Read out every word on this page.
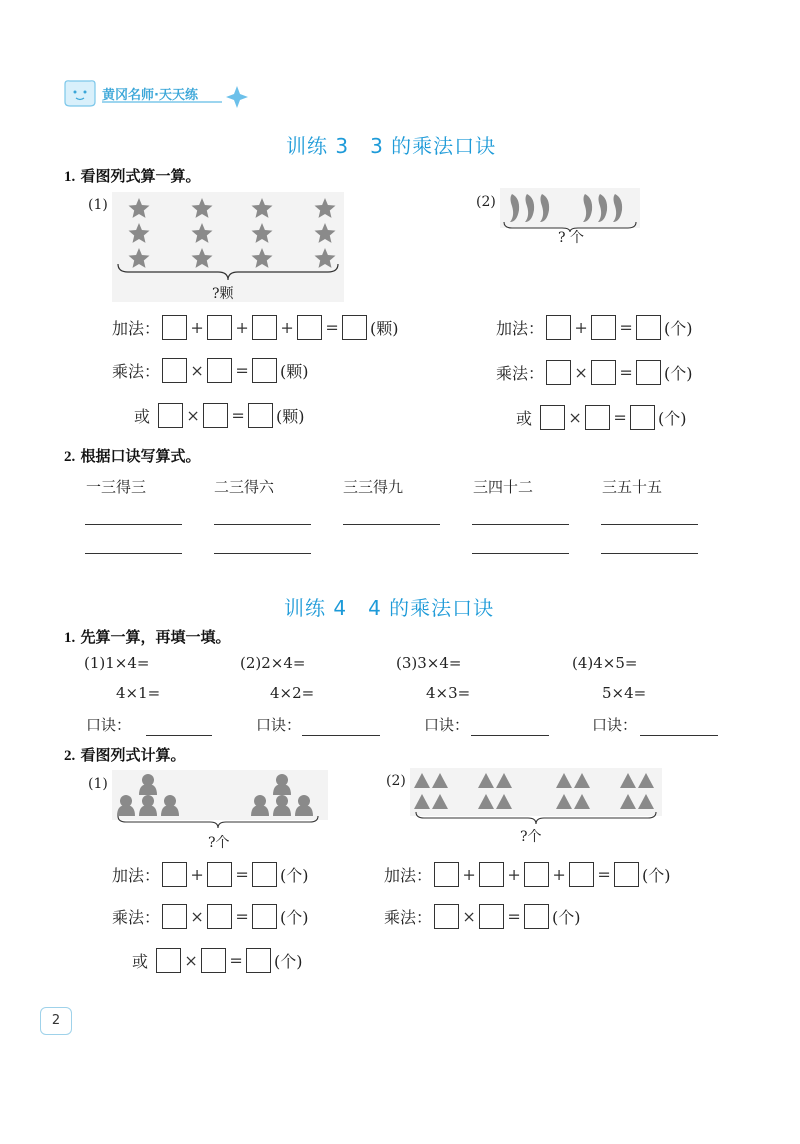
黄冈名师·天天练
训练 3　3 的乘法口诀
1. 看图列式算一算。
(1)
?颗
加法： + + + = (颗)
乘法： × = (颗)
或 × = (颗)
(2)
? 个
加法： + = (个)
乘法： × = (个)
或 × = (个)
2. 根据口诀写算式。
一三得三	二三得六	三三得九	三四十二	三五十五
训练 4　4 的乘法口诀
1. 先算一算，再填一填。
(1)1×4=
4×1=
口诀：
(2)2×4=
4×2=
口诀：
(3)3×4=
4×3=
口诀：
(4)4×5=
5×4=
口诀：
2. 看图列式计算。
(1)
?个
(2)
?个
加法： + = (个)
乘法： × = (个)
或 × = (个)
加法： + + + = (个)
乘法： × = (个)
2
